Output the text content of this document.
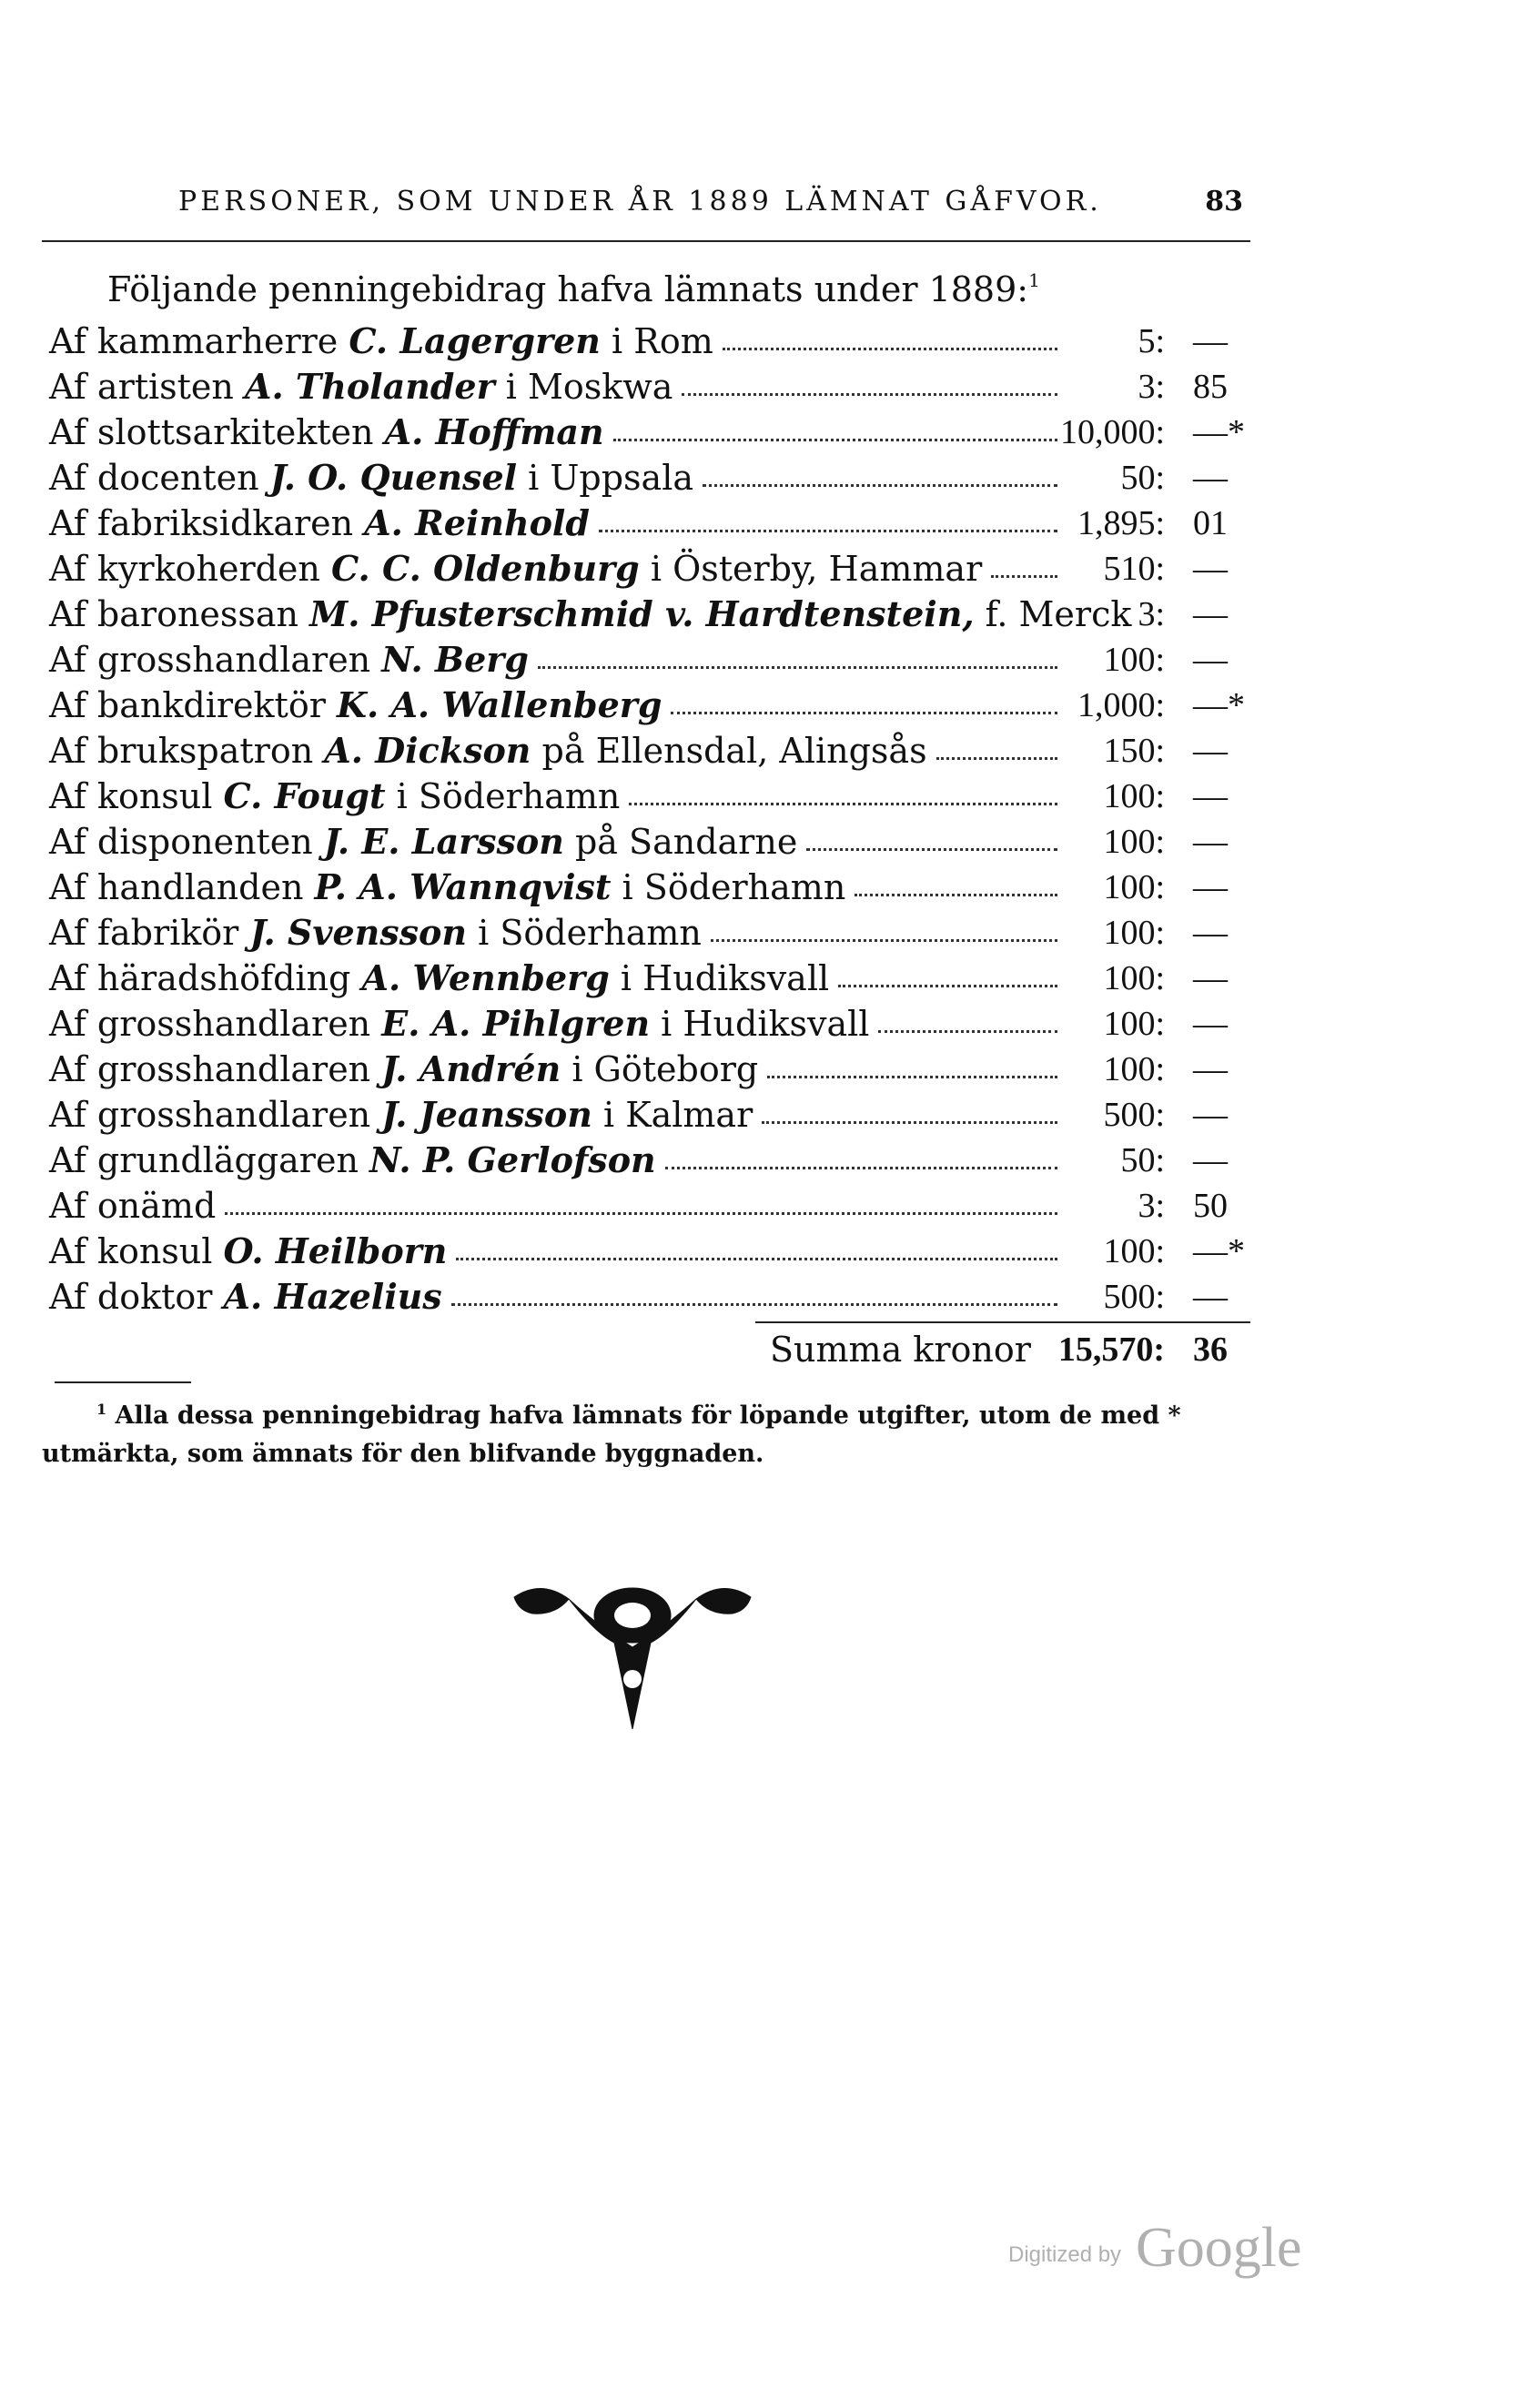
PERSONER, SOM UNDER ÅR 1889 LÄMNAT GÅFVOR.	83
Följande penningebidrag hafva lämnats under 1889:$^1$
Af kammarherre C. Lagergren i Rom	5: —
Af artisten A. Tholander i Moskwa	3: 85
Af slottsarkitekten A. Hoffman	10,000: —*
Af docenten J. O. Quensel i Uppsala	50: —
Af fabriksidkaren A. Reinhold	1,895: 01
Af kyrkoherden C. C. Oldenburg i Österby, Hammar	510: —
Af baronessan M. Pfusterschmid v. Hardtenstein, f. Merck 3: —
Af grosshandlaren N. Berg	100: —
Af bankdirektör K. A. Wallenberg	1,000: —*
Af brukspatron A. Dickson på Ellensdal, Alingsås	150: —
Af konsul C. Fougt i Söderhamn	100: —
Af disponenten J. E. Larsson på Sandarne	100: —
Af handlanden P. A. Wannqvist i Söderhamn	100: —
Af fabrikör J. Svensson i Söderhamn	100: —
Af häradshöfding A. Wennberg i Hudiksvall	100: —
Af grosshandlaren E. A. Pihlgren i Hudiksvall	100: —
Af grosshandlaren J. Andrén i Göteborg	100: —
Af grosshandlaren J. Jeansson i Kalmar	500: —
Af grundläggaren N. P. Gerlofson	50: —
Af onämd	3: 50
Af konsul O. Heilborn	100: —*
Af doktor A. Hazelius	500: —
Summa kronor 15,570: 36
$^1$ Alla dessa penningebidrag hafva lämnats för löpande utgifter, utom de med * utmärkta, som ämnats för den blifvande byggnaden.
Digitized by Google
